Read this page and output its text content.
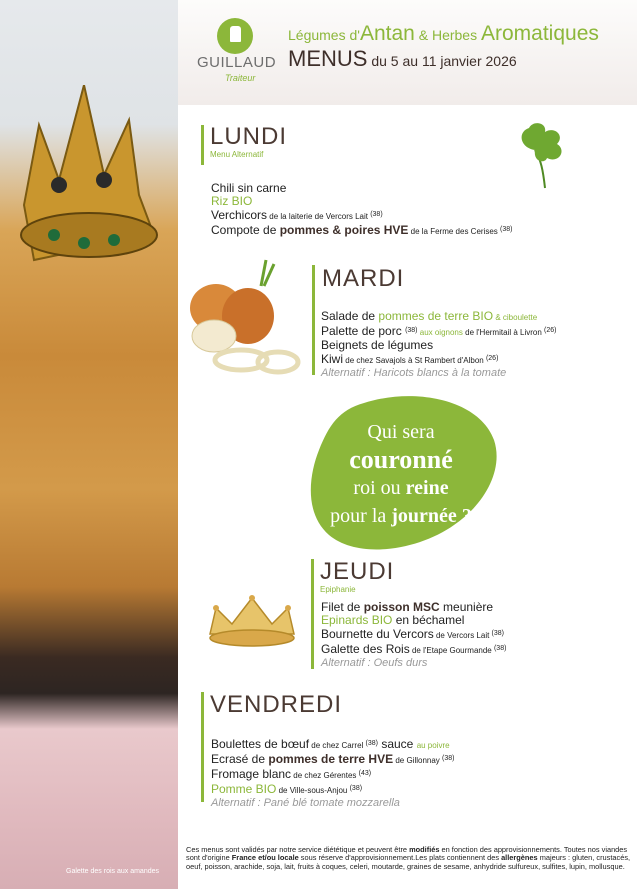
Galette des rois aux amandes
GUILLAUD
Traiteur
Légumes d'Antan & Herbes Aromatiques
MENUS du 5 au 11 janvier 2026
LUNDI
Menu Alternatif
Chili sin carne
Riz BIO
Verchicors de la laiterie de Vercors Lait $^{(38)}$
Compote de pommes & poires HVE de la Ferme des Cerises $^{(38)}$
MARDI
Salade de pommes de terre BIO & ciboulette
Palette de porc $^{(38)}$ aux oignons de l'Hermitail à Livron $^{(26)}$
Beignets de légumes
Kiwi de chez Savajols à St Rambert d'Albon $^{(26)}$
Alternatif : Haricots blancs à la tomate
Qui sera
couronné
roi ou reine
pour la journée ?
JEUDI
Epiphanie
Filet de poisson MSC meunière
Epinards BIO en béchamel
Bournette du Vercors de Vercors Lait $^{(38)}$
Galette des Rois de l'Etape Gourmande $^{(38)}$
Alternatif : Oeufs durs
VENDREDI
Boulettes de bœuf de chez Carrel $^{(38)}$ sauce au poivre
Ecrasé de pommes de terre HVE de Gillonnay $^{(38)}$
Fromage blanc de chez Gérentes $^{(43)}$
Pomme BIO de Ville-sous-Anjou $^{(38)}$
Alternatif : Pané blé tomate mozzarella
Ces menus sont validés par notre service diététique et peuvent être modifiés en fonction des approvisionnements. Toutes nos viandes sont d'origine France et/ou locale sous réserve d'approvisionnement.Les plats contiennent des allergènes majeurs : gluten, crustacés, oeuf, poisson, arachide, soja, lait, fruits à coques, celeri, moutarde, graines de sesame, anhydride sulfureux, sulfites, lupin, mollusque.
